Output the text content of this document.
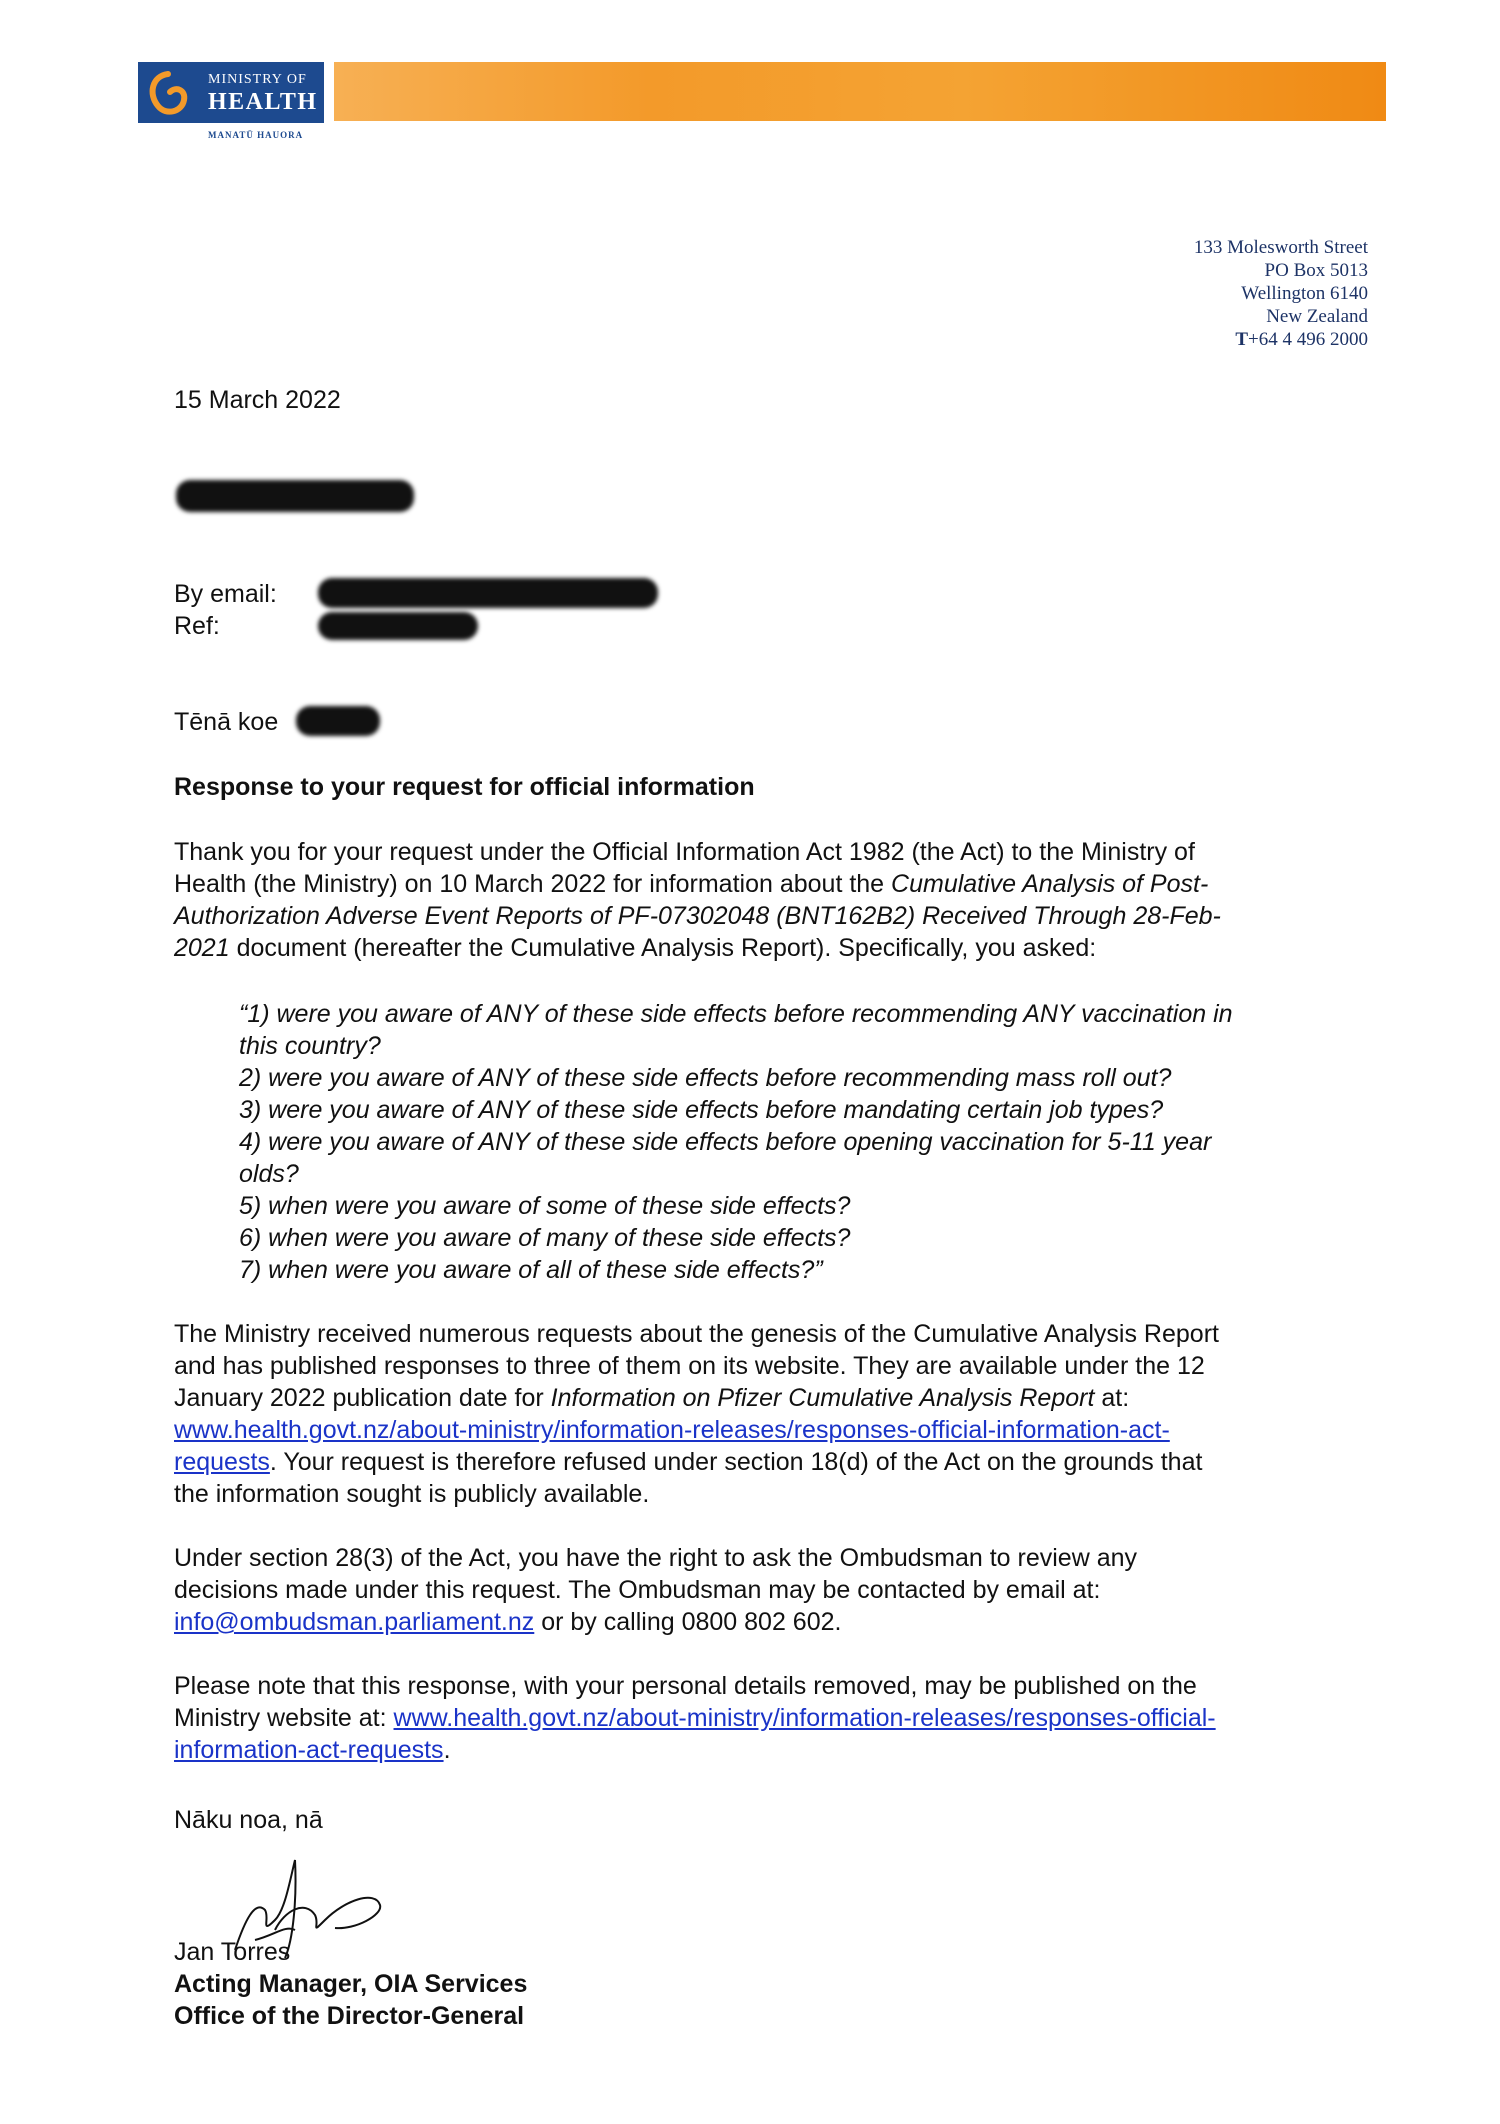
MINISTRY OF
HEALTH
MANATŪ HAUORA
133 Molesworth Street
PO Box 5013
Wellington 6140
New Zealand
T+64 4 496 2000
15 March 2022
By email:
Ref:
Tēnā koe
Response to your request for official information
Thank you for your request under the Official Information Act 1982 (the Act) to the Ministry of
Health (the Ministry) on 10 March 2022 for information about the Cumulative Analysis of Post-
Authorization Adverse Event Reports of PF-07302048 (BNT162B2) Received Through 28-Feb-
2021 document (hereafter the Cumulative Analysis Report). Specifically, you asked:
“1) were you aware of ANY of these side effects before recommending ANY vaccination in
this country?
2) were you aware of ANY of these side effects before recommending mass roll out?
3) were you aware of ANY of these side effects before mandating certain job types?
4) were you aware of ANY of these side effects before opening vaccination for 5-11 year
olds?
5) when were you aware of some of these side effects?
6) when were you aware of many of these side effects?
7) when were you aware of all of these side effects?”
The Ministry received numerous requests about the genesis of the Cumulative Analysis Report
and has published responses to three of them on its website. They are available under the 12
January 2022 publication date for Information on Pfizer Cumulative Analysis Report at:
www.health.govt.nz/about-ministry/information-releases/responses-official-information-act-
requests. Your request is therefore refused under section 18(d) of the Act on the grounds that
the information sought is publicly available.
Under section 28(3) of the Act, you have the right to ask the Ombudsman to review any
decisions made under this request. The Ombudsman may be contacted by email at:
info@ombudsman.parliament.nz or by calling 0800 802 602.
Please note that this response, with your personal details removed, may be published on the
Ministry website at: www.health.govt.nz/about-ministry/information-releases/responses-official-
information-act-requests.
Nāku noa, nā
Jan Torres
Acting Manager, OIA Services
Office of the Director-General
